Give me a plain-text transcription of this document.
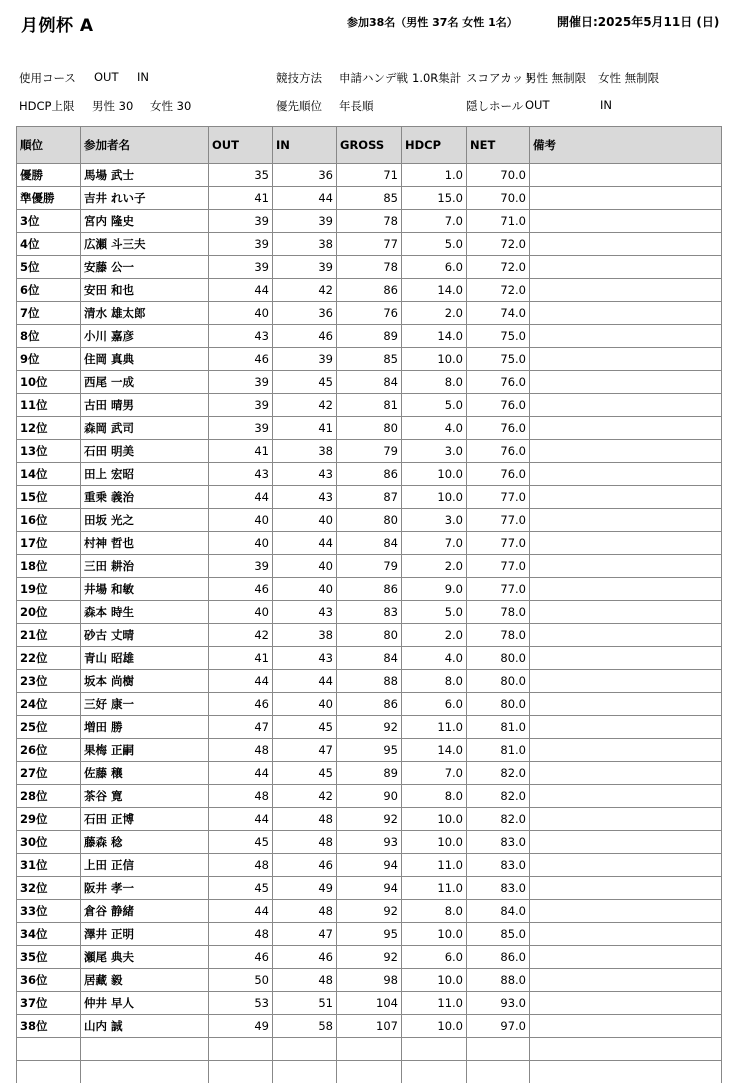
月例杯 A	参加38名（男性 37名 女性 1名）	開催日:2025年5月11日 (日)
使用コース OUT IN	競技方法 申請ハンデ戦 1.0R集計 スコアカット
男性 無制限 女性 無制限
HDCP上限 男性 30 女性 30	優先順位 年長順	隠しホール OUT	IN
順位	参加者名	OUT	IN	GROSS	HDCP	NET	備考
優勝	馬場 武士	35	36	71	1.0	70.0	
準優勝	吉井 れい子	41	44	85	15.0	70.0	
3位	宮内 隆史	39	39	78	7.0	71.0	
4位	広瀬 斗三夫	39	38	77	5.0	72.0	
5位	安藤 公一	39	39	78	6.0	72.0	
6位	安田 和也	44	42	86	14.0	72.0	
7位	清水 雄太郎	40	36	76	2.0	74.0	
8位	小川 嘉彦	43	46	89	14.0	75.0	
9位	住岡 真典	46	39	85	10.0	75.0	
10位	西尾 一成	39	45	84	8.0	76.0	
11位	古田 晴男	39	42	81	5.0	76.0	
12位	森岡 武司	39	41	80	4.0	76.0	
13位	石田 明美	41	38	79	3.0	76.0	
14位	田上 宏昭	43	43	86	10.0	76.0	
15位	重乗 義治	44	43	87	10.0	77.0	
16位	田坂 光之	40	40	80	3.0	77.0	
17位	村神 哲也	40	44	84	7.0	77.0	
18位	三田 耕治	39	40	79	2.0	77.0	
19位	井場 和敏	46	40	86	9.0	77.0	
20位	森本 時生	40	43	83	5.0	78.0	
21位	砂古 丈晴	42	38	80	2.0	78.0	
22位	青山 昭雄	41	43	84	4.0	80.0	
23位	坂本 尚樹	44	44	88	8.0	80.0	
24位	三好 康一	46	40	86	6.0	80.0	
25位	増田 勝	47	45	92	11.0	81.0	
26位	果梅 正嗣	48	47	95	14.0	81.0	
27位	佐藤 穣	44	45	89	7.0	82.0	
28位	茶谷 寛	48	42	90	8.0	82.0	
29位	石田 正博	44	48	92	10.0	82.0	
30位	藤森 稔	45	48	93	10.0	83.0	
31位	上田 正信	48	46	94	11.0	83.0	
32位	阪井 孝一	45	49	94	11.0	83.0	
33位	倉谷 静緒	44	48	92	8.0	84.0	
34位	澤井 正明	48	47	95	10.0	85.0	
35位	瀬尾 典夫	46	46	92	6.0	86.0	
36位	居藏 毅	50	48	98	10.0	88.0	
37位	仲井 早人	53	51	104	11.0	93.0	
38位	山内 誠	49	58	107	10.0	97.0	
